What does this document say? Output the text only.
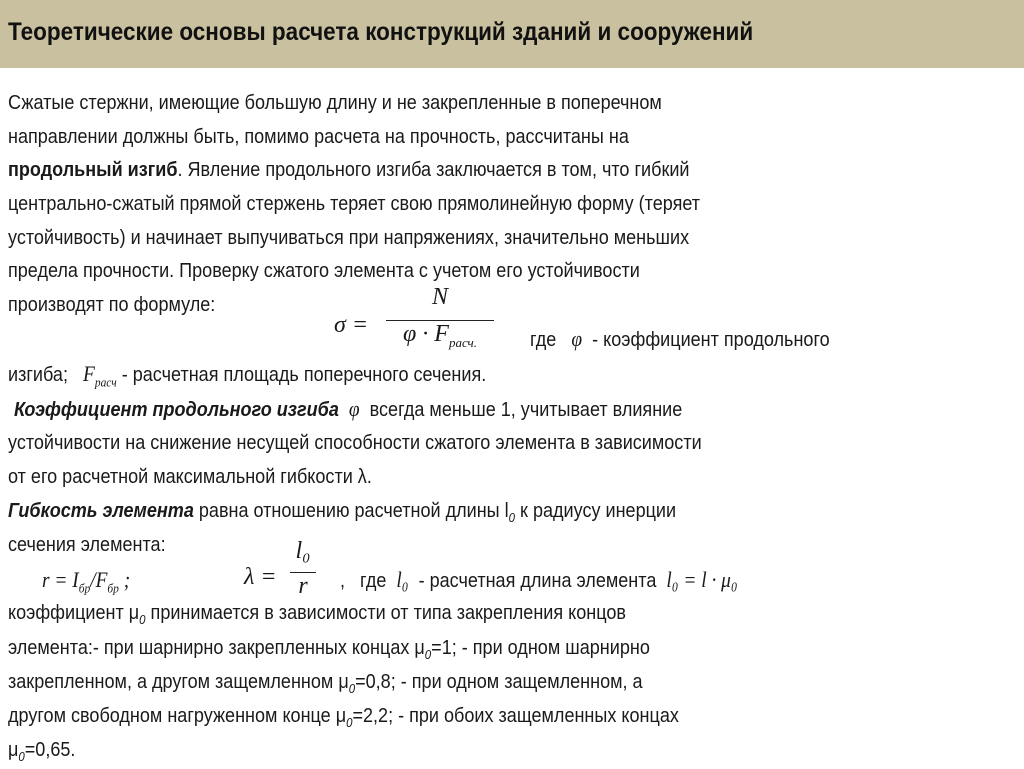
Теоретические основы расчета конструкций зданий и сооружений
Сжатые стержни, имеющие большую длину и не закрепленные в поперечном
направлении должны быть, помимо расчета на прочность, рассчитаны на
продольный изгиб. Явление продольного изгиба заключается в том, что гибкий
центрально-сжатый прямой стержень теряет свою прямолинейную форму (теряет
устойчивость) и начинает выпучиваться при напряжениях, значительно меньших
предела прочности. Проверку сжатого элемента с учетом его устойчивости
производят по формуле:
σ =
N
$\varphi \cdot F_{расч.}$	где φ - коэффициент продольного
изгиба; $F_{расч}$ - расчетная площадь поперечного сечения.
Коэффициент продольного изгиба φ всегда меньше 1, учитывает влияние
устойчивости на снижение несущей способности сжатого элемента в зависимости
от его расчетной максимальной гибкости λ.
Гибкость элемента равна отношению расчетной длины $l_0$ к радиусу инерции
сечения элемента:
$r = I_{бр}/F_{бр}$ ;	λ =
l₀
r	, где l₀ - расчетная длина элемента l₀ = l · μ₀
коэффициент $\mu_0$ принимается в зависимости от типа закрепления концов
элемента:- при шарнирно закрепленных концах $\mu_0=1$; - при одном шарнирно
закрепленном, а другом защемленном $\mu_0=0,8$; - при одном защемленном, а
другом свободном нагруженном конце $\mu_0=2,2$; - при обоих защемленных концах
$\mu_0=0,65$.
